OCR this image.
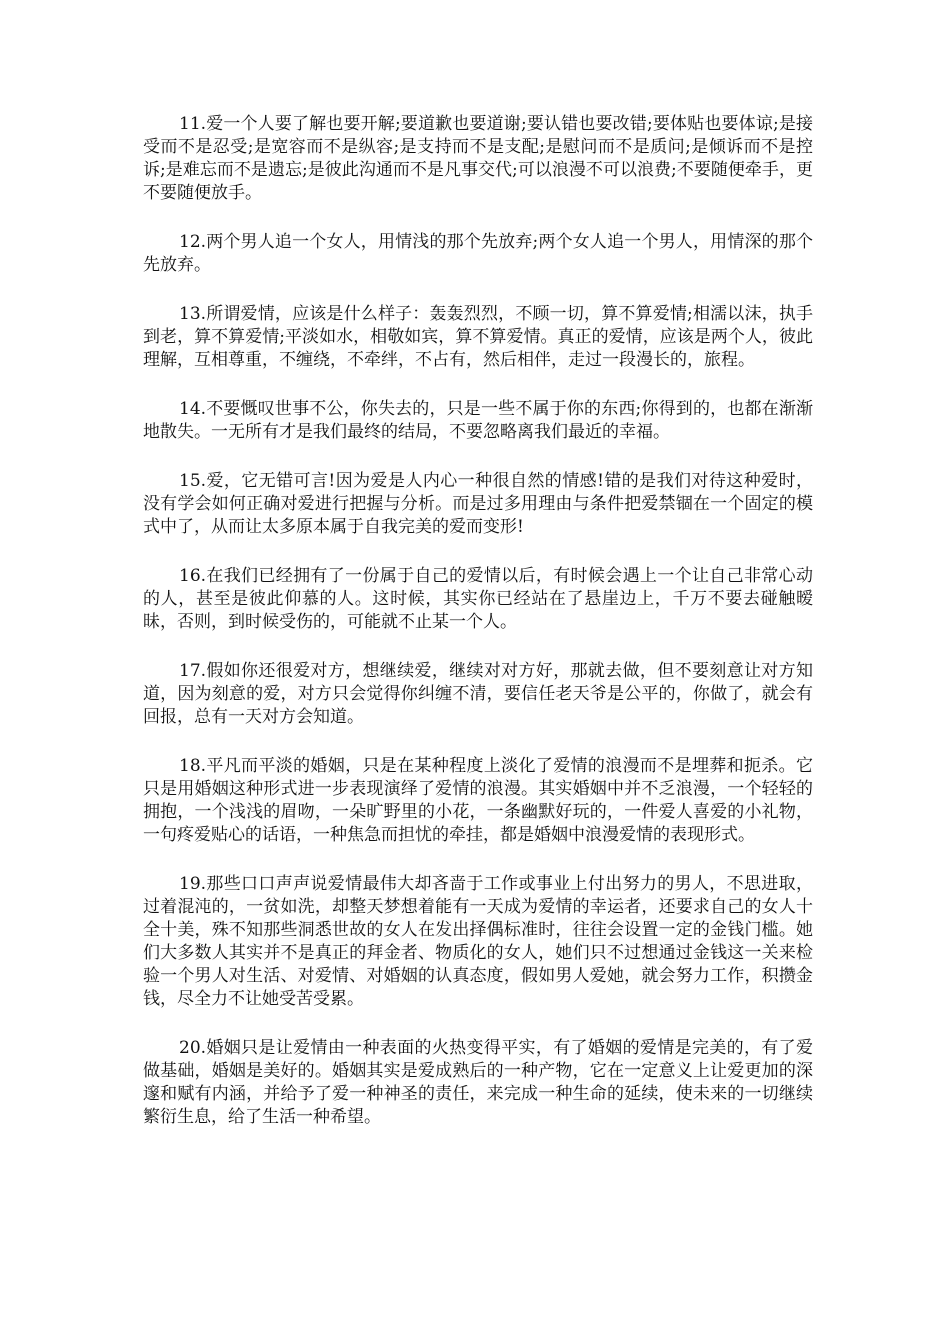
11.爱一个人要了解也要开解;要道歉也要道谢;要认错也要改错;要体贴也要体谅;是接受而不是忍受;是宽容而不是纵容;是支持而不是支配;是慰问而不是质问;是倾诉而不是控诉;是难忘而不是遗忘;是彼此沟通而不是凡事交代;可以浪漫不可以浪费;不要随便牵手，更不要随便放手。

12.两个男人追一个女人，用情浅的那个先放弃;两个女人追一个男人，用情深的那个先放弃。

13.所谓爱情，应该是什么样子：轰轰烈烈，不顾一切，算不算爱情;相濡以沫，执手到老，算不算爱情;平淡如水，相敬如宾，算不算爱情。真正的爱情，应该是两个人，彼此理解，互相尊重，不缠绕，不牵绊，不占有，然后相伴，走过一段漫长的，旅程。

14.不要慨叹世事不公，你失去的，只是一些不属于你的东西;你得到的，也都在渐渐地散失。一无所有才是我们最终的结局，不要忽略离我们最近的幸福。

15.爱，它无错可言!因为爱是人内心一种很自然的情感!错的是我们对待这种爱时，没有学会如何正确对爱进行把握与分析。而是过多用理由与条件把爱禁锢在一个固定的模式中了，从而让太多原本属于自我完美的爱而变形!

16.在我们已经拥有了一份属于自己的爱情以后，有时候会遇上一个让自己非常心动的人，甚至是彼此仰慕的人。这时候，其实你已经站在了悬崖边上，千万不要去碰触暧昧，否则，到时候受伤的，可能就不止某一个人。

17.假如你还很爱对方，想继续爱，继续对对方好，那就去做，但不要刻意让对方知道，因为刻意的爱，对方只会觉得你纠缠不清，要信任老天爷是公平的，你做了，就会有回报，总有一天对方会知道。

18.平凡而平淡的婚姻，只是在某种程度上淡化了爱情的浪漫而不是埋葬和扼杀。它只是用婚姻这种形式进一步表现演绎了爱情的浪漫。其实婚姻中并不乏浪漫，一个轻轻的拥抱，一个浅浅的眉吻，一朵旷野里的小花，一条幽默好玩的，一件爱人喜爱的小礼物，一句疼爱贴心的话语，一种焦急而担忧的牵挂，都是婚姻中浪漫爱情的表现形式。

19.那些口口声声说爱情最伟大却吝啬于工作或事业上付出努力的男人，不思进取，过着混沌的，一贫如洗，却整天梦想着能有一天成为爱情的幸运者，还要求自己的女人十全十美，殊不知那些洞悉世故的女人在发出择偶标准时，往往会设置一定的金钱门槛。她们大多数人其实并不是真正的拜金者、物质化的女人，她们只不过想通过金钱这一关来检验一个男人对生活、对爱情、对婚姻的认真态度，假如男人爱她，就会努力工作，积攒金钱，尽全力不让她受苦受累。

20.婚姻只是让爱情由一种表面的火热变得平实，有了婚姻的爱情是完美的，有了爱做基础，婚姻是美好的。婚姻其实是爱成熟后的一种产物，它在一定意义上让爱更加的深邃和赋有内涵，并给予了爱一种神圣的责任，来完成一种生命的延续，使未来的一切继续繁衍生息，给了生活一种希望。
